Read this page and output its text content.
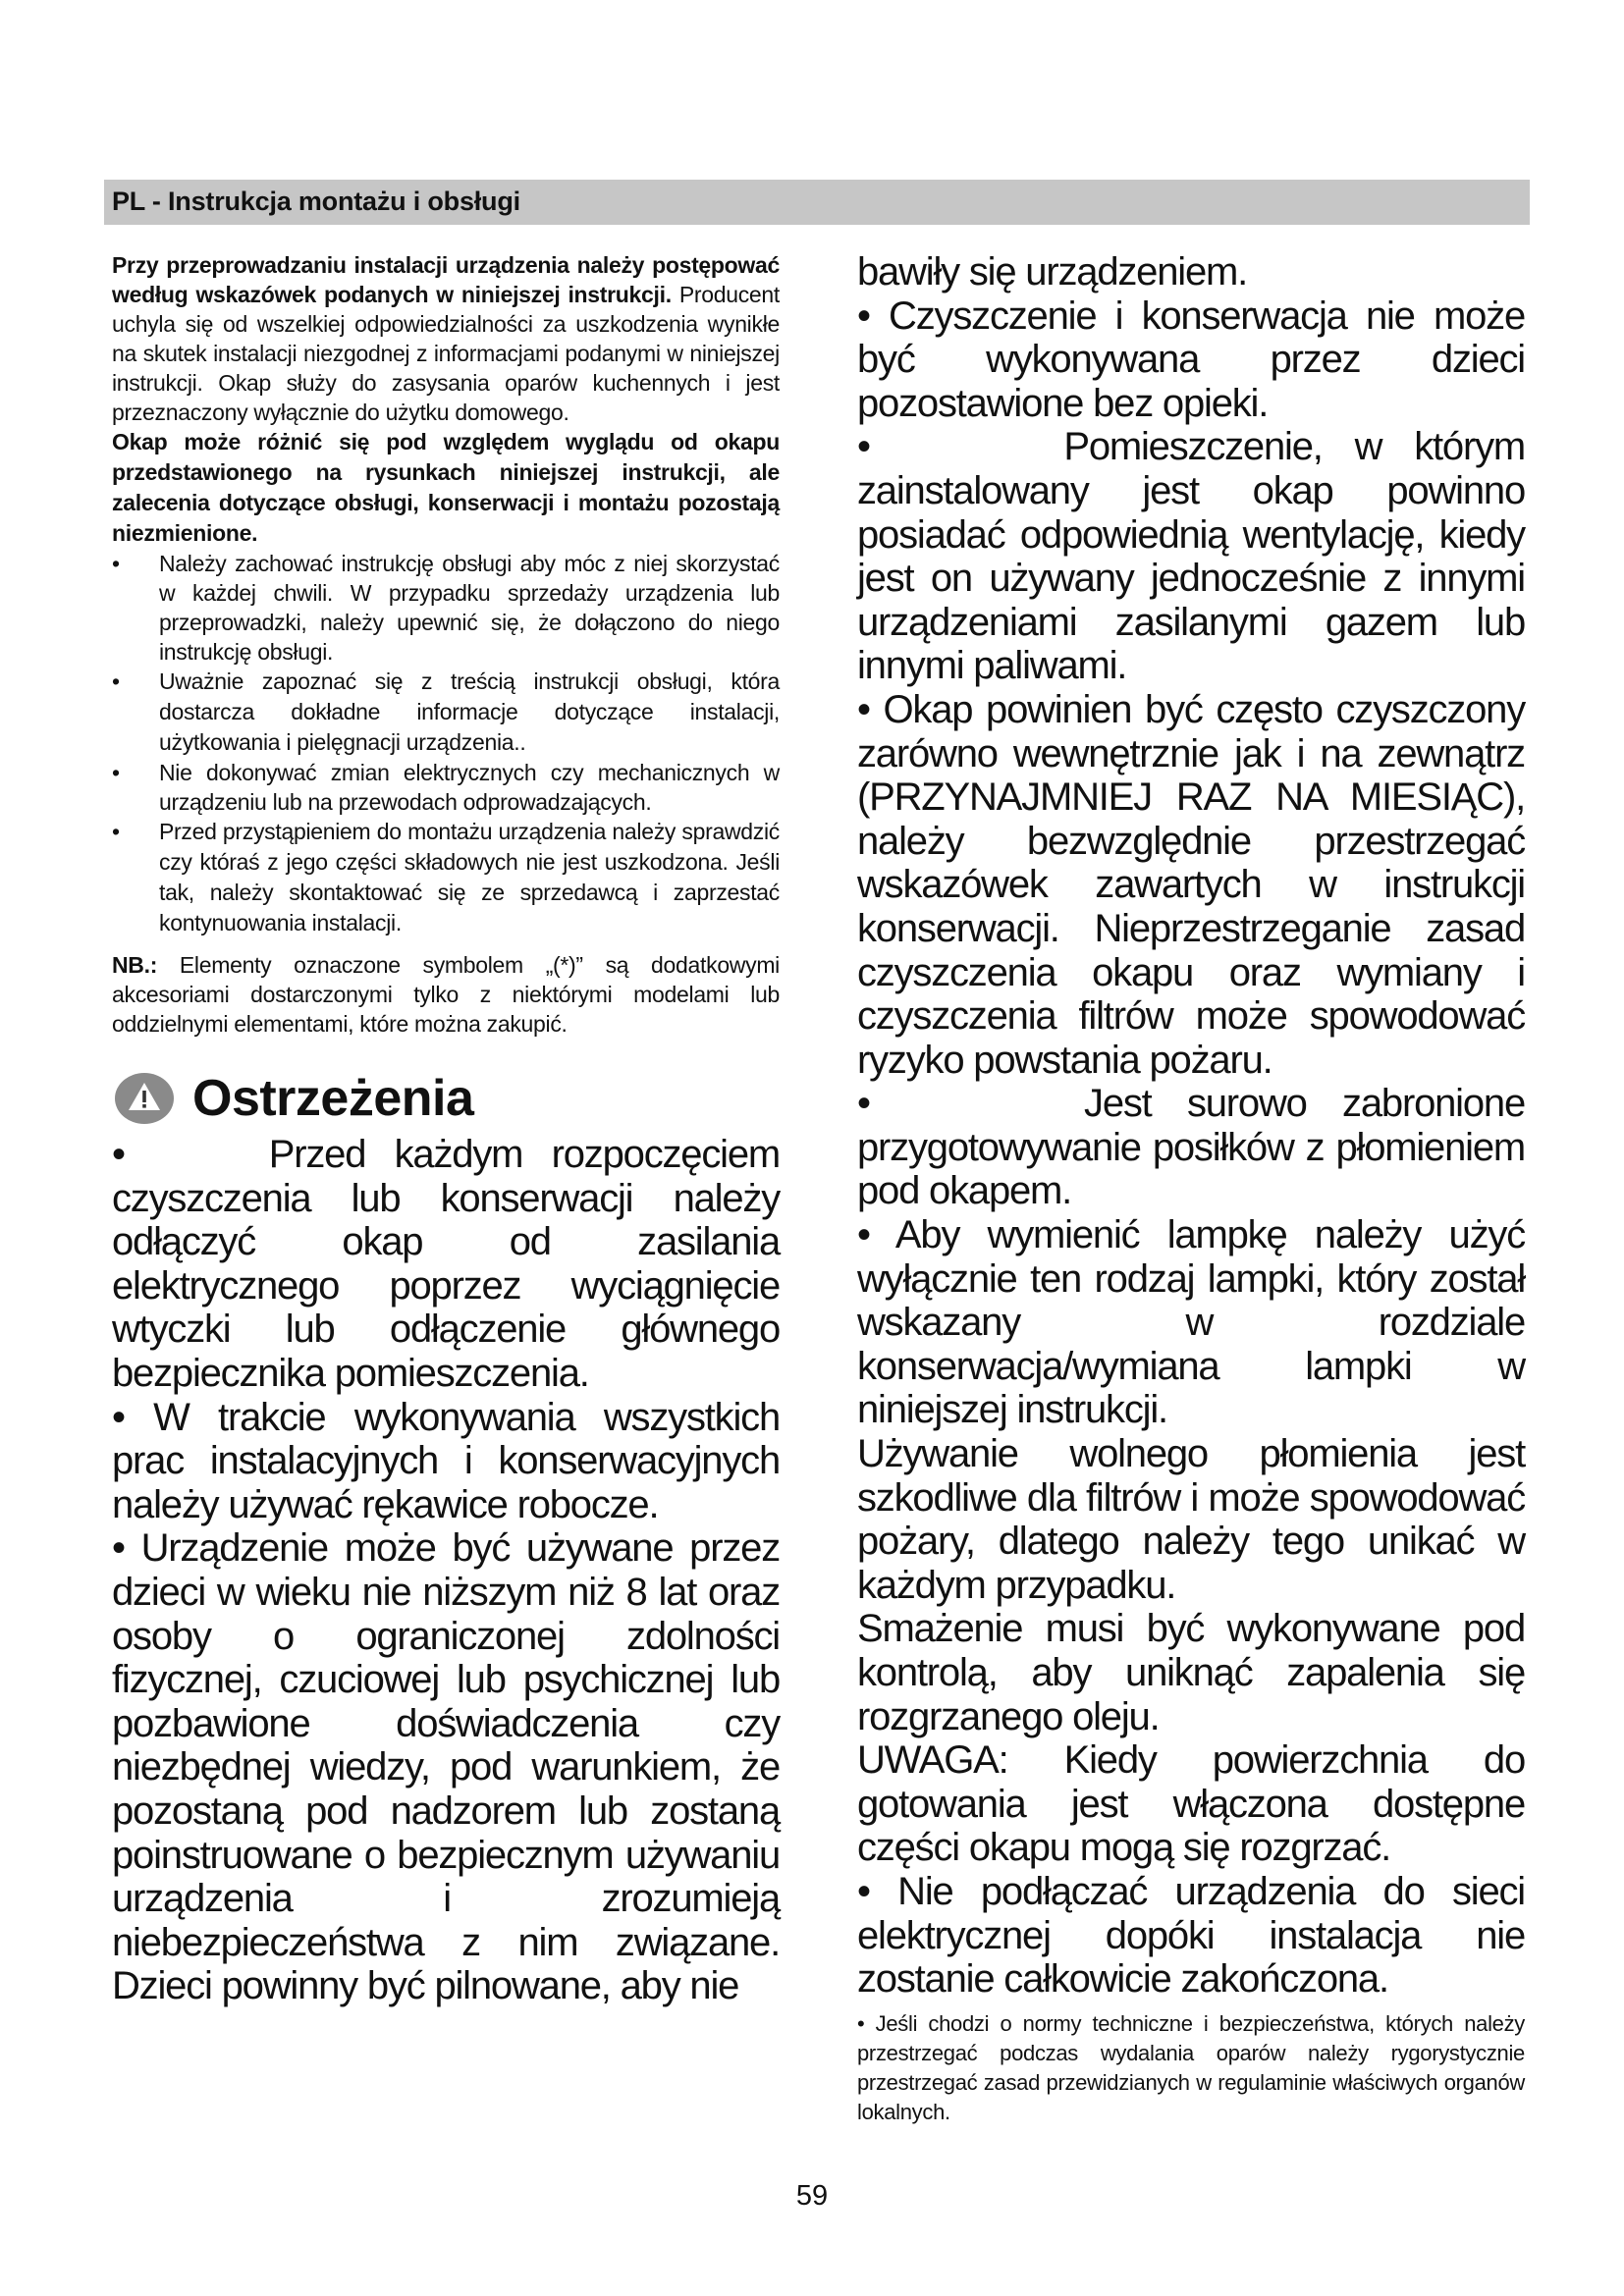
PL - Instrukcja montażu i obsługi

Przy przeprowadzaniu instalacji urządzenia należy postępować według wskazówek podanych w niniejszej instrukcji. Producent uchyla się od wszelkiej odpowiedzialności za uszkodzenia wynikłe na skutek instalacji niezgodnej z informacjami podanymi w niniejszej instrukcji. Okap służy do zasysania oparów kuchennych i jest przeznaczony wyłącznie do użytku domowego.

Okap może różnić się pod względem wyglądu od okapu przedstawionego na rysunkach niniejszej instrukcji, ale zalecenia dotyczące obsługi, konserwacji i montażu pozostają niezmienione.

•	Należy zachować instrukcję obsługi aby móc z niej skorzystać w każdej chwili. W przypadku sprzedaży urządzenia lub przeprowadzki, należy upewnić się, że dołączono do niego instrukcję obsługi.

•	Uważnie zapoznać się z treścią instrukcji obsługi, która dostarcza dokładne informacje dotyczące instalacji, użytkowania i pielęgnacji urządzenia..

•	Nie dokonywać zmian elektrycznych czy mechanicznych w urządzeniu lub na przewodach odprowadzających.

•	Przed przystąpieniem do montażu urządzenia należy sprawdzić czy któraś z jego części składowych nie jest uszkodzona. Jeśli tak, należy skontaktować się ze sprzedawcą i zaprzestać kontynuowania instalacji.

NB.: Elementy oznaczone symbolem „(*)” są dodatkowymi akcesoriami dostarczonymi tylko z niektórymi modelami lub oddzielnymi elementami, które można zakupić.

Ostrzeżenia

•     Przed każdym rozpoczęciem czyszczenia lub konserwacji należy odłączyć okap od zasilania elektrycznego poprzez wyciągnięcie wtyczki lub odłączenie głównego bezpiecznika pomieszczenia.

• W trakcie wykonywania wszystkich prac instalacyjnych i konserwacyjnych należy używać rękawice robocze.

• Urządzenie może być używane przez dzieci w wieku nie niższym niż 8 lat oraz osoby o ograniczonej zdolności fizycznej, czuciowej lub psychicznej lub pozbawione doświadczenia czy niezbędnej wiedzy, pod warunkiem, że pozostaną pod nadzorem lub zostaną poinstruowane o bezpiecznym używaniu urządzenia i zrozumieją niebezpieczeństwa z nim związane. Dzieci powinny być pilnowane, aby nie

bawiły się urządzeniem.

• Czyszczenie i konserwacja nie może być wykonywana przez dzieci pozostawione bez opieki.

•      Pomieszczenie, w którym zainstalowany jest okap powinno posiadać odpowiednią wentylację, kiedy jest on używany jednocześnie z innymi urządzeniami zasilanymi gazem lub innymi paliwami.

• Okap powinien być często czyszczony zarówno wewnętrznie jak i na zewnątrz (PRZYNAJMNIEJ RAZ NA MIESIĄC), należy bezwzględnie przestrzegać wskazówek zawartych w instrukcji konserwacji. Nieprzestrzeganie zasad czyszczenia okapu oraz wymiany i czyszczenia filtrów może spowodować ryzyko powstania pożaru.

•      Jest surowo zabronione przygotowywanie posiłków z płomieniem pod okapem.

• Aby wymienić lampkę należy użyć wyłącznie ten rodzaj lampki, który został wskazany w rozdziale konserwacja/wymiana lampki w niniejszej instrukcji.

Używanie wolnego płomienia jest szkodliwe dla filtrów i może spowodować pożary, dlatego należy tego unikać w każdym przypadku.

Smażenie musi być wykonywane pod kontrolą, aby uniknąć zapalenia się rozgrzanego oleju.

UWAGA: Kiedy powierzchnia do gotowania jest włączona dostępne części okapu mogą się rozgrzać.

• Nie podłączać urządzenia do sieci elektrycznej dopóki instalacja nie zostanie całkowicie zakończona.

• Jeśli chodzi o normy techniczne i bezpieczeństwa, których należy przestrzegać podczas wydalania oparów należy rygorystycznie przestrzegać zasad przewidzianych w regulaminie właściwych organów lokalnych.

59
